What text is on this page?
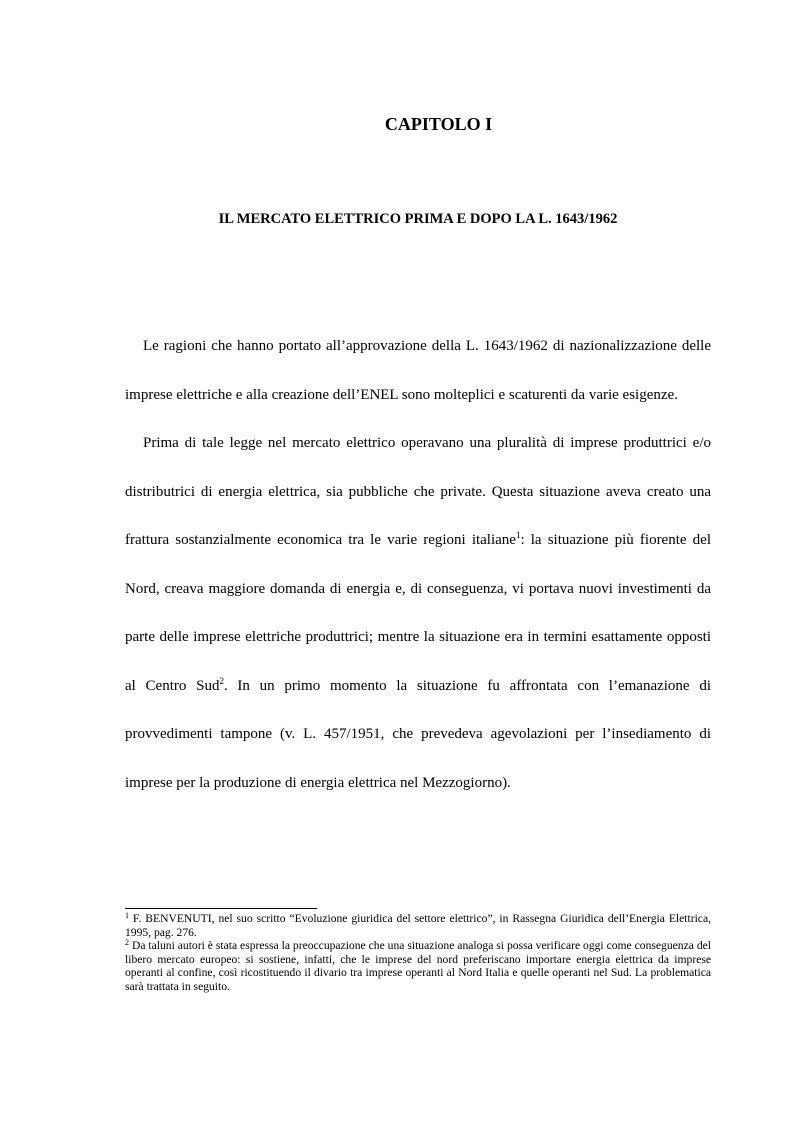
CAPITOLO I
IL MERCATO ELETTRICO PRIMA E DOPO LA L. 1643/1962

Le ragioni che hanno portato all’approvazione della L. 1643/1962 di nazionalizzazione delle imprese elettriche e alla creazione dell’ENEL sono molteplici e scaturenti da varie esigenze.

Prima di tale legge nel mercato elettrico operavano una pluralità di imprese produttrici e/o distributrici di energia elettrica, sia pubbliche che private. Questa situazione aveva creato una frattura sostanzialmente economica tra le varie regioni italiane$^1$: la situazione più fiorente del Nord, creava maggiore domanda di energia e, di conseguenza, vi portava nuovi investimenti da parte delle imprese elettriche produttrici; mentre la situazione era in termini esattamente opposti al Centro Sud$^2$. In un primo momento la situazione fu affrontata con l’emanazione di provvedimenti tampone (v. L. 457/1951, che prevedeva agevolazioni per l’insediamento di imprese per la produzione di energia elettrica nel Mezzogiorno).

$^1$ F. BENVENUTI, nel suo scritto “Evoluzione giuridica del settore elettrico”, in Rassegna Giuridica dell’Energia Elettrica, 1995, pag. 276.

$^2$ Da taluni autori è stata espressa la preoccupazione che una situazione analoga si possa verificare oggi come conseguenza del libero mercato europeo: si sostiene, infatti, che le imprese del nord preferiscano importare energia elettrica da imprese operanti al confine, così ricostituendo il divario tra imprese operanti al Nord Italia e quelle operanti nel Sud. La problematica sarà trattata in seguito.
